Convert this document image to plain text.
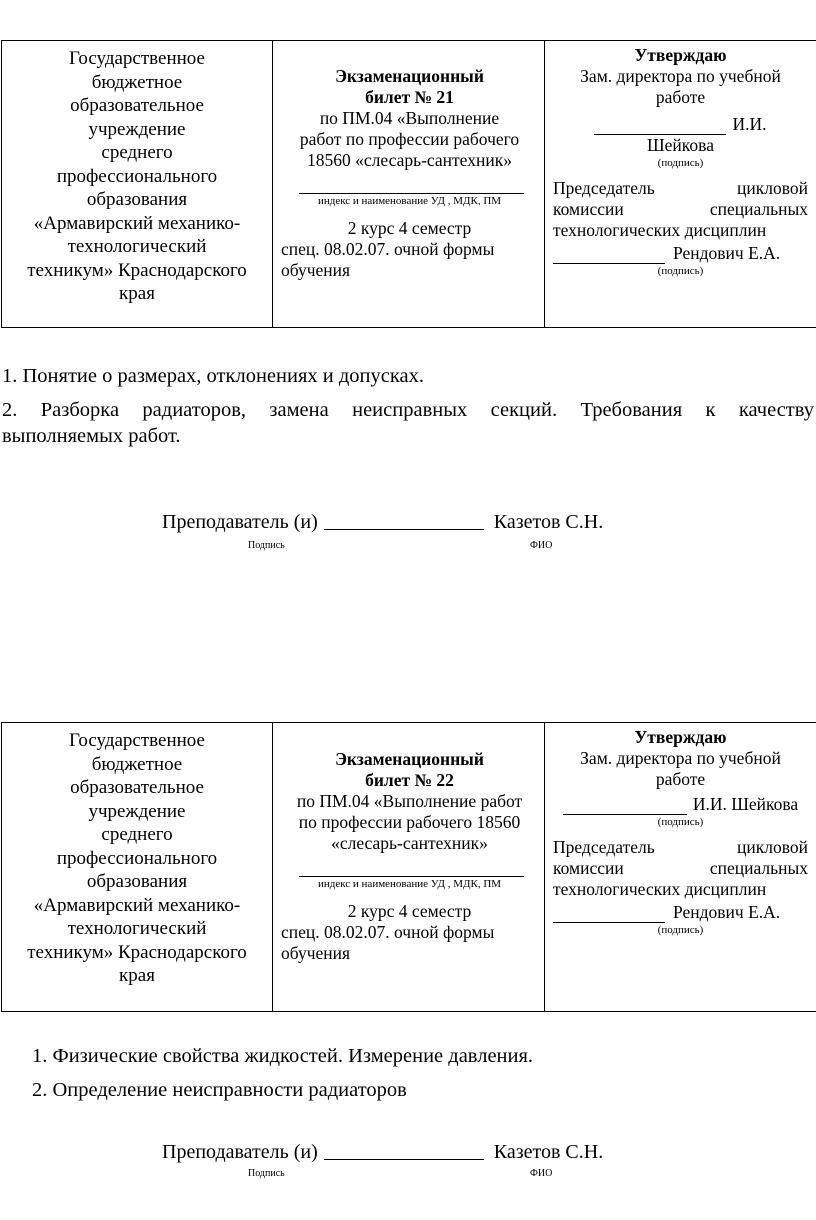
Государственное
бюджетное
образовательное
учреждение
среднего
профессионального
образования
«Армавирский механико-
технологический
техникум» Краснодарского
края

Экзаменационный
билет № 21
по ПМ.04 «Выполнение
работ по профессии рабочего
18560 «слесарь-сантехник»
индекс и наименование УД , МДК, ПМ
2 курс 4 семестр
спец. 08.02.07. очной формы
обучения

Утверждаю
Зам. директора по учебной
работе
И.И.
Шейкова
(подпись)
Председатель цикловой
комиссии специальных
технологических дисциплин
Рендович Е.А.
(подпись)
1. Понятие о размерах, отклонениях и допусках.
2. Разборка радиаторов, замена неисправных секций. Требования к качеству
выполняемых работ.
Преподаватель (и)	Казетов С.Н.
Подпись	ФИО
Государственное
бюджетное
образовательное
учреждение
среднего
профессионального
образования
«Армавирский механико-
технологический
техникум» Краснодарского
края

Экзаменационный
билет № 22
по ПМ.04 «Выполнение работ
по профессии рабочего 18560
«слесарь-сантехник»
индекс и наименование УД , МДК, ПМ
2 курс 4 семестр
спец. 08.02.07. очной формы
обучения

Утверждаю
Зам. директора по учебной
работе
И.И. Шейкова
(подпись)
Председатель цикловой
комиссии специальных
технологических дисциплин
Рендович Е.А.
(подпись)
1. Физические свойства жидкостей. Измерение давления.
2. Определение неисправности радиаторов
Преподаватель (и)	Казетов С.Н.
Подпись	ФИО
